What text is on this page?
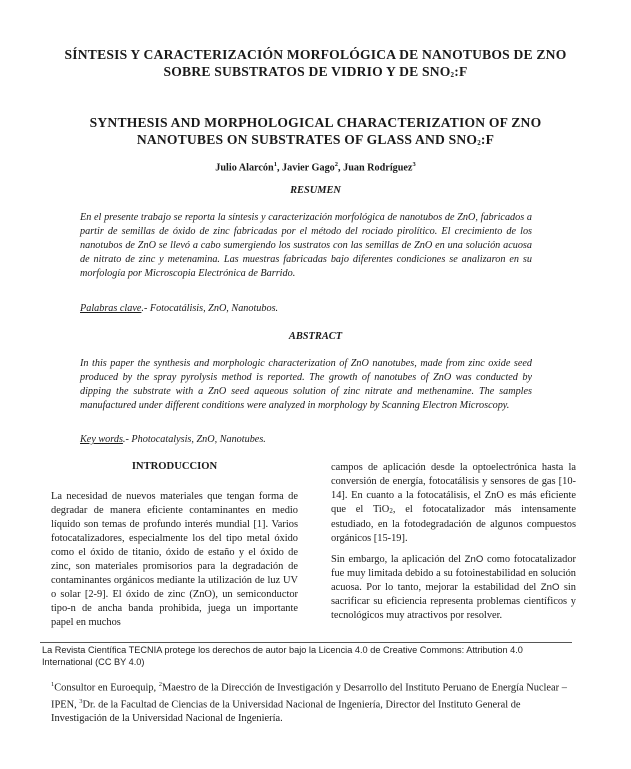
SÍNTESIS Y CARACTERIZACIÓN MORFOLÓGICA DE NANOTUBOS DE ZNO SOBRE SUBSTRATOS DE VIDRIO Y DE SNO2:F
SYNTHESIS AND MORPHOLOGICAL CHARACTERIZATION OF ZNO NANOTUBES ON SUBSTRATES OF GLASS AND SNO2:F
Julio Alarcón$^1$, Javier Gago$^2$, Juan Rodríguez$^3$
RESUMEN
En el presente trabajo se reporta la síntesis y caracterización morfológica de nanotubos de ZnO, fabricados a partir de semillas de óxido de zinc fabricadas por el método del rociado pirolítico. El crecimiento de los nanotubos de ZnO se llevó a cabo sumergiendo los sustratos con las semillas de ZnO en una solución acuosa de nitrato de zinc y metenamina. Las muestras fabricadas bajo diferentes condiciones se analizaron en su morfología por Microscopia Electrónica de Barrido.
Palabras clave.- Fotocatálisis, ZnO, Nanotubos.
ABSTRACT
In this paper the synthesis and morphologic characterization of ZnO nanotubes, made from zinc oxide seed produced by the spray pyrolysis method is reported. The growth of nanotubes of ZnO was conducted by dipping the substrate with a ZnO seed aqueous solution of zinc nitrate and methenamine. The samples manufactured under different conditions were analyzed in morphology by Scanning Electron Microscopy.
Key words.- Photocatalysis, ZnO, Nanotubes.
INTRODUCCION
La necesidad de nuevos materiales que tengan forma de degradar de manera eficiente contaminantes en medio líquido son temas de profundo interés mundial [1]. Varios fotocatalizadores, especialmente los del tipo metal óxido como el óxido de titanio, óxido de estaño y el óxido de zinc, son materiales promisorios para la degradación de contaminantes orgánicos mediante la utilización de luz UV o solar [2-9]. El óxido de zinc (ZnO), un semiconductor tipo-n de ancha banda prohibida, juega un importante papel en muchos
campos de aplicación desde la optoelectrónica hasta la conversión de energía, fotocatálisis y sensores de gas [10-14]. En cuanto a la fotocatálisis, el ZnO es más eficiente que el TiO2, el fotocatalizador más intensamente estudiado, en la fotodegradación de algunos compuestos orgánicos [15-19].
Sin embargo, la aplicación del ZnO como fotocatalizador fue muy limitada debido a su fotoinestabilidad en solución acuosa. Por lo tanto, mejorar la estabilidad del ZnO sin sacrificar su eficiencia representa problemas científicos y tecnológicos muy atractivos por resolver.
La Revista Científica TECNIA protege los derechos de autor bajo la Licencia 4.0 de Creative Commons: Attribution 4.0 International (CC BY 4.0)
$^1$Consultor en Euroequip, $^2$Maestro de la Dirección de Investigación y Desarrollo del Instituto Peruano de Energía Nuclear – IPEN, $^3$Dr. de la Facultad de Ciencias de la Universidad Nacional de Ingeniería, Director del Instituto General de Investigación de la Universidad Nacional de Ingeniería.
